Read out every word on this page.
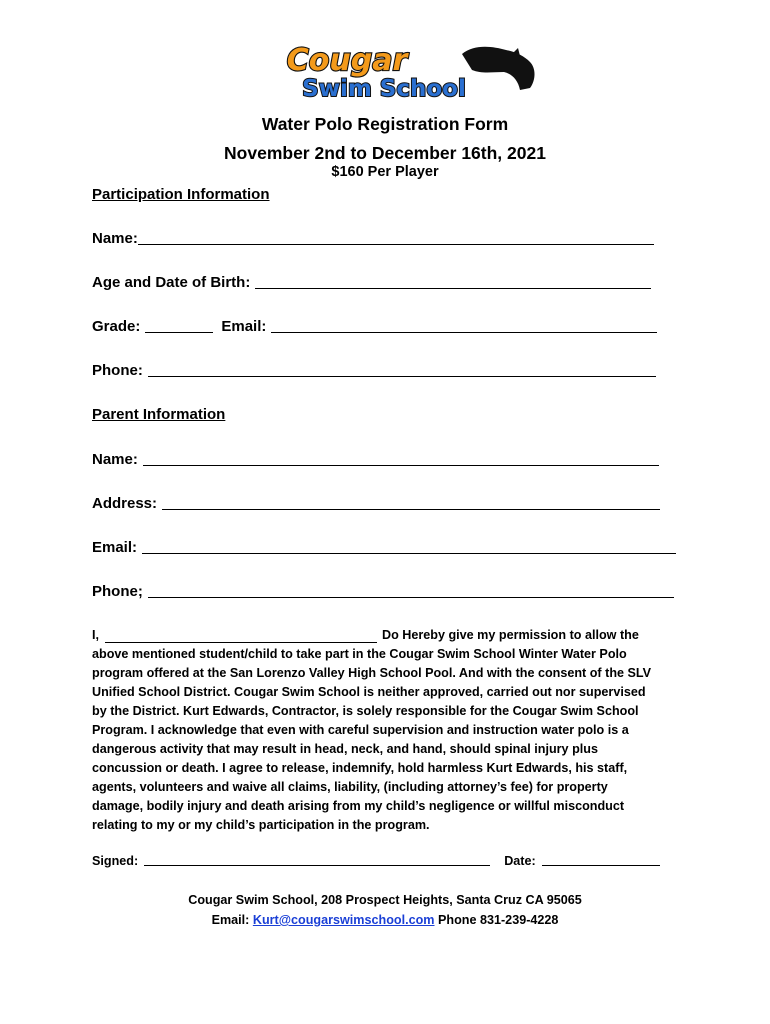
Cougar
Swim School
Water Polo Registration Form
November 2nd to December 16th, 2021
$160 Per Player
Participation Information
Name:
Age and Date of Birth:
Grade:	Email:
Phone:
Parent Information
Name:
Address:
Email:
Phone;
I,	Do Hereby give my permission to allow the
above mentioned student/child to take part in the Cougar Swim School Winter Water Polo
program offered at the San Lorenzo Valley High School Pool. And with the consent of the SLV
Unified School District. Cougar Swim School is neither approved, carried out nor supervised
by the District. Kurt Edwards, Contractor, is solely responsible for the Cougar Swim School
Program. I acknowledge that even with careful supervision and instruction water polo is a
dangerous activity that may result in head, neck, and hand, should spinal injury plus
concussion or death. I agree to release, indemnify, hold harmless Kurt Edwards, his staff,
agents, volunteers and waive all claims, liability, (including attorney’s fee) for property
damage, bodily injury and death arising from my child’s negligence or willful misconduct
relating to my or my child’s participation in the program.
Signed:	Date:
Cougar Swim School, 208 Prospect Heights, Santa Cruz CA 95065
Email: Kurt@cougarswimschool.com Phone 831-239-4228
